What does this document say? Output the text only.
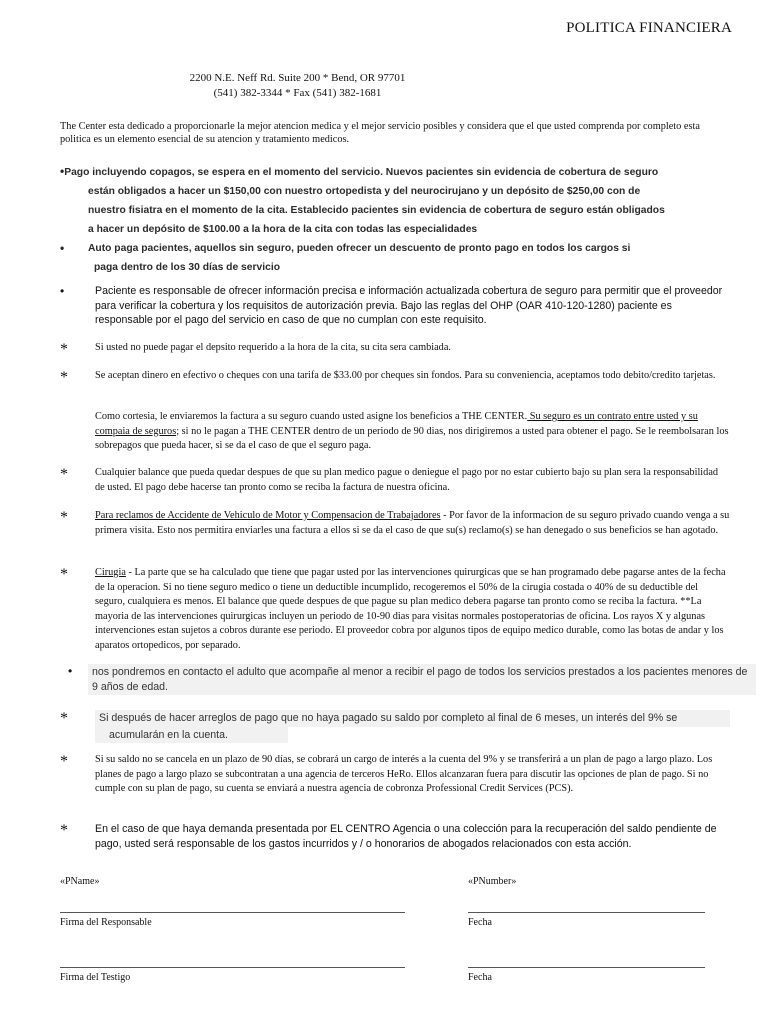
POLITICA FINANCIERA
2200 N.E. Neff Rd. Suite 200 * Bend, OR 97701
(541) 382-3344 * Fax (541) 382-1681
The Center esta dedicado a proporcionarle la mejor atencion medica y el mejor servicio posibles y considera que el que usted comprenda por completo esta politica es un elemento esencial de su atencion y tratamiento medicos.
•Pago incluyendo copagos, se espera en el momento del servicio. Nuevos pacientes sin evidencia de cobertura de seguro
están obligados a hacer un $150,00 con nuestro ortopedista y del neurocirujano y un depósito de $250,00 con de
nuestro fisiatra en el momento de la cita. Establecido pacientes sin evidencia de cobertura de seguro están obligados
a hacer un depósito de $100.00 a la hora de la cita con todas las especialidades
•	Auto paga pacientes, aquellos sin seguro, pueden ofrecer un descuento de pronto pago en todos los cargos si
paga dentro de los 30 días de servicio
•	Paciente es responsable de ofrecer información precisa e información actualizada cobertura de seguro para permitir que el proveedor para verificar la cobertura y los requisitos de autorización previa. Bajo las reglas del OHP (OAR 410-120-1280) paciente es responsable por el pago del servicio en caso de que no cumplan con este requisito.
*	Si usted no puede pagar el depsito requerido a la hora de la cita, su cita sera cambiada.
*	Se aceptan dinero en efectivo o cheques con una tarifa de $33.00 por cheques sin fondos. Para su conveniencia, aceptamos todo debito/credito tarjetas.
Como cortesia, le enviaremos la factura a su seguro cuando usted asigne los beneficios a THE CENTER. Su seguro es un contrato entre usted y su compaia de seguros; si no le pagan a THE CENTER dentro de un periodo de 90 dias, nos dirigiremos a usted para obtener el pago. Se le reembolsaran los sobrepagos que pueda hacer, si se da el caso de que el seguro paga.
*	Cualquier balance que pueda quedar despues de que su plan medico pague o deniegue el pago por no estar cubierto bajo su plan sera la responsabilidad de usted. El pago debe hacerse tan pronto como se reciba la factura de nuestra oficina.
*	Para reclamos de Accidente de Vehiculo de Motor y Compensacion de Trabajadores - Por favor de la informacion de su seguro privado cuando venga a su primera visita. Esto nos permitira enviarles una factura a ellos si se da el caso de que su(s) reclamo(s) se han denegado o sus beneficios se han agotado.
*	Cirugia - La parte que se ha calculado que tiene que pagar usted por las intervenciones quirurgicas que se han programado debe pagarse antes de la fecha de la operacion. Si no tiene seguro medico o tiene un deductible incumplido, recogeremos el 50% de la cirugia costada o 40% de su deductible del seguro, cualquiera es menos. El balance que quede despues de que pague su plan medico debera pagarse tan pronto como se reciba la factura. **La mayoria de las intervenciones quirurgicas incluyen un periodo de 10-90 dias para visitas normales postoperatorias de oficina. Los rayos X y algunas intervenciones estan sujetos a cobros durante ese periodo. El proveedor cobra por algunos tipos de equipo medico durable, como las botas de andar y los aparatos ortopedicos, por separado.
•	nos pondremos en contacto el adulto que acompañe al menor a recibir el pago de todos los servicios prestados a los pacientes menores de 9 años de edad.
*	Si después de hacer arreglos de pago que no haya pagado su saldo por completo al final de 6 meses, un interés del 9% se
acumularán en la cuenta.
*	Si su saldo no se cancela en un plazo de 90 días, se cobrará un cargo de interés a la cuenta del 9% y se transferirá a un plan de pago a largo plazo. Los planes de pago a largo plazo se subcontratan a una agencia de terceros HeRo. Ellos alcanzaran fuera para discutir las opciones de plan de pago. Si no cumple con su plan de pago, su cuenta se enviará a nuestra agencia de cobronza Professional Credit Services (PCS).
*	En el caso de que haya demanda presentada por EL CENTRO Agencia o una colección para la recuperación del saldo pendiente de pago, usted será responsable de los gastos incurridos y / o honorarios de abogados relacionados con esta acción.
«PName»	«PNumber»
Firma del Responsable	Fecha
Firma del Testigo	Fecha
